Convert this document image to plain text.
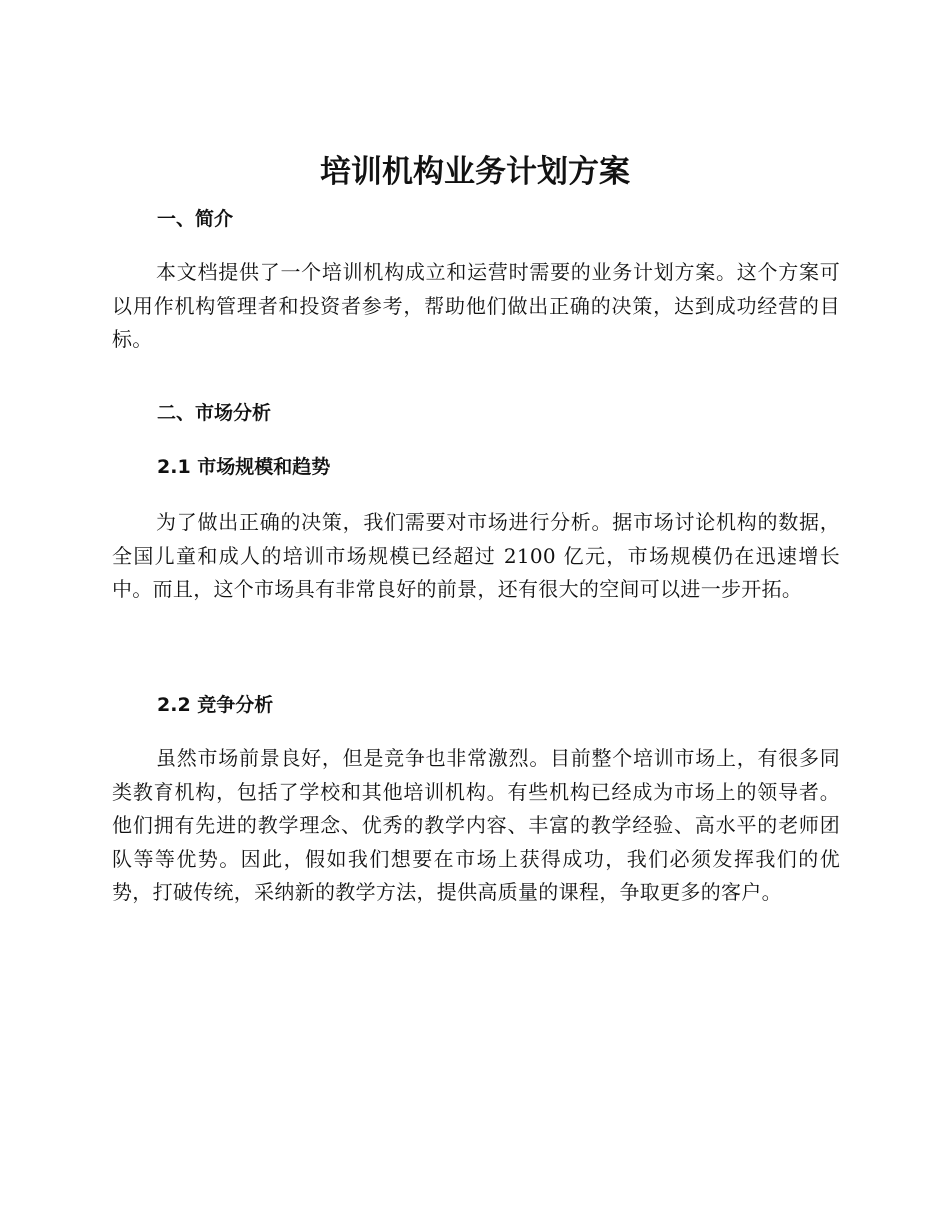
培训机构业务计划方案
一、简介

本文档提供了一个培训机构成立和运营时需要的业务计划方案。这个方案可以用作机构管理者和投资者参考，帮助他们做出正确的决策，达到成功经营的目标。

二、市场分析
2.1 市场规模和趋势

为了做出正确的决策，我们需要对市场进行分析。据市场讨论机构的数据，全国儿童和成人的培训市场规模已经超过 2100 亿元，市场规模仍在迅速增长中。而且，这个市场具有非常良好的前景，还有很大的空间可以进一步开拓。

2.2 竞争分析

虽然市场前景良好，但是竞争也非常激烈。目前整个培训市场上，有很多同类教育机构，包括了学校和其他培训机构。有些机构已经成为市场上的领导者。他们拥有先进的教学理念、优秀的教学内容、丰富的教学经验、高水平的老师团队等等优势。因此，假如我们想要在市场上获得成功，我们必须发挥我们的优势，打破传统，采纳新的教学方法，提供高质量的课程，争取更多的客户。
